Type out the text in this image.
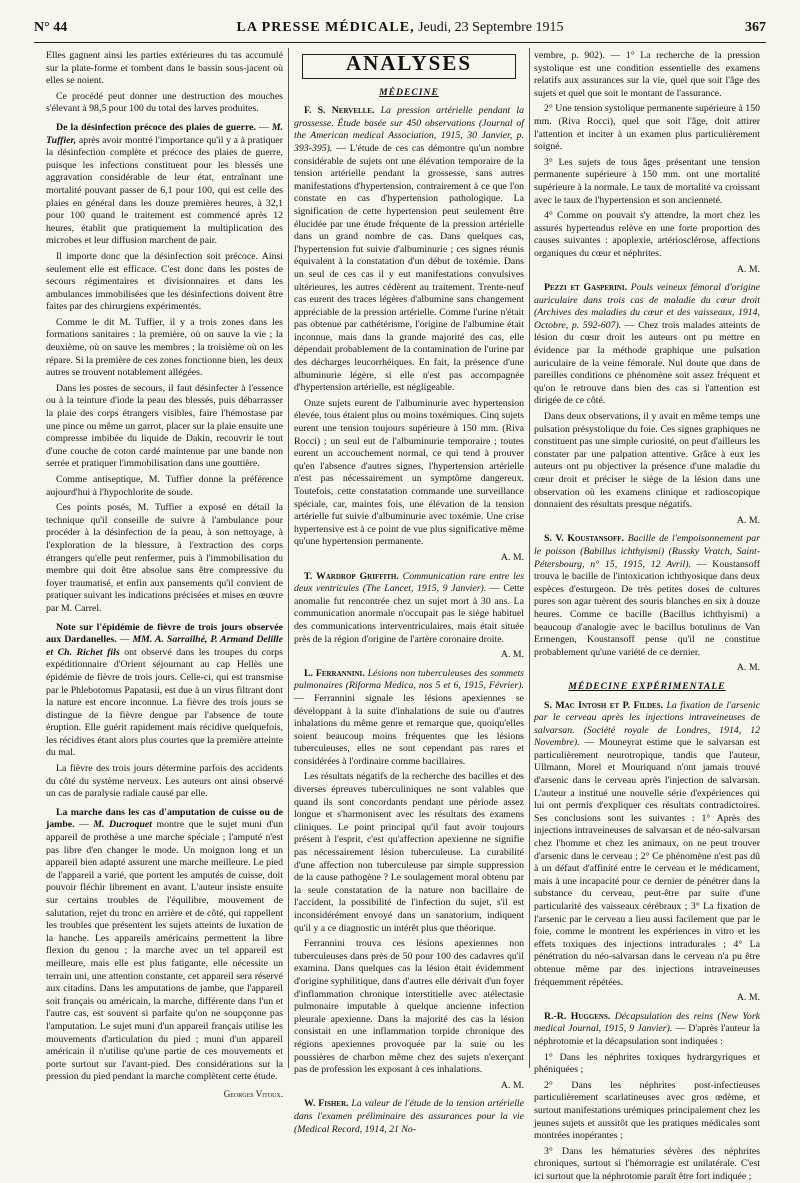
N° 44	LA PRESSE MÉDICALE, Jeudi, 23 Septembre 1915	367

Elles gagnent ainsi les parties extérieures du tas accumulé sur la plate-forme et tombent dans le bassin sous-jacent où elles se noient.

Ce procédé peut donner une destruction des mouches s'élevant à 98,5 pour 100 du total des larves produites.

De la désinfection précoce des plaies de guerre. — M. Tuffier, après avoir montré l'importance qu'il y a à pratiquer la désinfection complète et précoce des plaies de guerre, puisque les infections constituent pour les blessés une aggravation considérable de leur état, entraînant une mortalité pouvant passer de 6,1 pour 100, qui est celle des plaies en général dans les douze premières heures, à 32,1 pour 100 quand le traitement est commencé après 12 heures, établit que pratiquement la multiplication des microbes et leur diffusion marchent de pair.

Il importe donc que la désinfection soit précoce. Ainsi seulement elle est efficace. C'est donc dans les postes de secours régimentaires et divisionnaires et dans les ambulances immobilisées que les désinfections doivent être faites par des chirurgiens expérimentés.

Comme le dit M. Tuffier, il y a trois zones dans les formations sanitaires : la première, où on sauve la vie ; la deuxième, où on sauve les membres ; la troisième où on les répare. Si la première de ces zones fonctionne bien, les deux autres se trouvent notablement allégées.

Dans les postes de secours, il faut désinfecter à l'essence ou à la teinture d'iode la peau des blessés, puis débarrasser la plaie des corps étrangers visibles, faire l'hémostase par une pince ou même un garrot, placer sur la plaie ensuite une compresse imbibée du liquide de Dakin, recouvrir le tout d'une couche de coton cardé maintenue par une bande non serrée et pratiquer l'immobilisation dans une gouttière.

Comme antiseptique, M. Tuffier donne la préférence aujourd'hui à l'hypochlorite de soude.

Ces points posés, M. Tuffier a exposé en détail la technique qu'il conseille de suivre à l'ambulance pour procéder à la désinfection de la peau, à son nettoyage, à l'exploration de la blessure, à l'extraction des corps étrangers qu'elle peut renfermer, puis à l'immobilisation du membre qui doit être absolue sans être compressive du foyer traumatisé, et enfin aux pansements qu'il convient de pratiquer suivant les indications précisées et mises en œuvre par M. Carrel.

Note sur l'épidémie de fièvre de trois jours observée aux Dardanelles. — MM. A. Sarrailhé, P. Armand Delille et Ch. Richet fils ont observé dans les troupes du corps expéditionnaire d'Orient séjournant au cap Hellès une épidémie de fièvre de trois jours. Celle-ci, qui est transmise par le Phlebotomus Papatasii, est due à un virus filtrant dont la nature est encore inconnue. La fièvre des trois jours se distingue de la fièvre dengue par l'absence de toute éruption. Elle guérit rapidement mais récidive quelquefois, les récidives étant alors plus courtes que la première atteinte du mal.

La fièvre des trois jours détermine parfois des accidents du côté du système nerveux. Les auteurs ont ainsi observé un cas de paralysie radiale causé par elle.

La marche dans les cas d'amputation de cuisse ou de jambe. — M. Ducroquet montre que le sujet muni d'un appareil de prothèse a une marche spéciale ; l'amputé n'est pas libre d'en changer le mode. Un moignon long et un appareil bien adapté assurent une marche meilleure. Le pied de l'appareil a varié, que portent les amputés de cuisse, doit pouvoir fléchir librement en avant. L'auteur insiste ensuite sur certains troubles de l'équilibre, mouvement de salutation, rejet du tronc en arrière et de côté, qui rappellent les troubles que présentent les sujets atteints de luxation de la hanche. Les appareils américains permettent la libre flexion du genou ; la marche avec un tel appareil est meilleure, mais elle est plus fatigante, elle nécessite un terrain uni, une attention constante, cet appareil sera réservé aux citadins. Dans les amputations de jambe, que l'appareil soit français ou américain, la marche, différente dans l'un et l'autre cas, est souvent si parfaite qu'on ne soupçonne pas l'amputation. Le sujet muni d'un appareil français utilise les mouvements d'articulation du pied ; muni d'un appareil américain il n'utilise qu'une partie de ces mouvements et porte surtout sur l'avant-pied. Des considérations sur la pression du pied pendant la marche complètent cette étude.

Georges Vitoux.
ANALYSES
MÉDECINE

F. S. Nervelle. La pression artérielle pendant la grossesse. Étude basée sur 450 observations (Journal of the American medical Association, 1915, 30 Janvier, p. 393-395). — L'étude de ces cas démontre qu'un nombre considérable de sujets ont une élévation temporaire de la tension artérielle pendant la grossesse, sans autres manifestations d'hypertension, contrairement à ce que l'on constate en cas d'hypertension pathologique. La signification de cette hypertension peut seulement être élucidée par une étude fréquente de la pression artérielle dans un grand nombre de cas. Dans quelques cas, l'hypertension fut suivie d'albuminurie ; ces signes réunis équivalent à la constatation d'un début de toxémie. Dans un seul de ces cas il y eut manifestations convulsives ultérieures, les autres cédèrent au traitement. Trente-neuf cas eurent des traces légères d'albumine sans changement appréciable de la pression artérielle. Comme l'urine n'était pas obtenue par cathétérisme, l'origine de l'albumine était inconnue, mais dans la grande majorité des cas, elle dépendait probablement de la contamination de l'urine par des décharges leucorrhéiques. En fait, la présence d'une albuminurie légère, si elle n'est pas accompagnée d'hypertension artérielle, est négligeable.

Onze sujets eurent de l'albuminurie avec hypertension élevée, tous étaient plus ou moins toxémiques. Cinq sujets eurent une tension toujours supérieure à 150 mm. (Riva Rocci) ; un seul eut de l'albuminurie temporaire ; toutes eurent un accouchement normal, ce qui tend à prouver qu'en l'absence d'autres signes, l'hypertension artérielle n'est pas nécessairement un symptôme dangereux. Toutefois, cette constatation commande une surveillance spéciale, car, maintes fois, une élévation de la tension artérielle fut suivie d'albuminurie avec toxémie. Une crise hypertensive est à ce point de vue plus significative même qu'une hypertension permanente.

A. M.

T. Wardrop Griffith. Communication rare entre les deux ventricules (The Lancet, 1915, 9 Janvier). — Cette anomalie fut rencontrée chez un sujet mort à 30 ans. La communication anormale n'occupait pas le siège habituel des communications interventriculaires, mais était située près de la région d'origine de l'artère coronaire droite.

A. M.

L. Ferrannini. Lésions non tuberculeuses des sommets pulmonaires (Riforma Medica, nos 5 et 6, 1915, Février). — Ferrannini signale les lésions apexiennes se développant à la suite d'inhalations de suie ou d'autres inhalations du même genre et remarque que, quoiqu'elles soient beaucoup moins fréquentes que les lésions tuberculeuses, elles ne sont cependant pas rares et considérées à l'ordinaire comme bacillaires.

Les résultats négatifs de la recherche des bacilles et des diverses épreuves tuberculiniques ne sont valables que quand ils sont concordants pendant une période assez longue et s'harmonisent avec les résultats des examens cliniques. Le point principal qu'il faut avoir toujours présent à l'esprit, c'est qu'affection apexienne ne signifie pas nécessairement lésion tuberculeuse. La curabilité d'une affection non tuberculeuse par simple suppression de la cause pathogène ? Le soulagement moral obtenu par la seule constatation de la nature non bacillaire de l'accident, la possibilité de l'infection du sujet, s'il est inconsidérément envoyé dans un sanatorium, indiquent qu'il y a ce diagnostic un intérêt plus que théorique.

Ferrannini trouva ces lésions apexiennes non tuberculeuses dans près de 50 pour 100 des cadavres qu'il examina. Dans quelques cas la lésion était évidemment d'origine syphilitique, dans d'autres elle dérivait d'un foyer d'inflammation chronique interstitielle avec atélectasie pulmonaire imputable à quelque ancienne infection pleurale apexienne. Dans la majorité des cas la lésion consistait en une inflammation torpide chronique des régions apexiennes provoquée par la suie ou les poussières de charbon même chez des sujets n'exerçant pas de profession les exposant à ces inhalations.

A. M.

W. Fisher. La valeur de l'étude de la tension artérielle dans l'examen préliminaire des assurances pour la vie (Medical Record, 1914, 21 No-

vembre, p. 902). — 1° La recherche de la pression systolique est une condition essentielle des examens relatifs aux assurances sur la vie, quel que soit l'âge des sujets et quel que soit le montant de l'assurance.

2° Une tension systolique permanente supérieure à 150 mm. (Riva Rocci), quel que soit l'âge, doit attirer l'attention et inciter à un examen plus particulièrement soigné.

3° Les sujets de tous âges présentant une tension permanente supérieure à 150 mm. ont une mortalité supérieure à la normale. Le taux de mortalité va croissant avec le taux de l'hypertension et son ancienneté.

4° Comme on pouvait s'y attendre, la mort chez les assurés hypertendus relève en une forte proportion des causes suivantes : apoplexie, artériosclérose, affections organiques du cœur et néphrites.

A. M.

Pezzi et Gasperini. Pouls veineux fémoral d'origine auriculaire dans trois cas de maladie du cœur droit (Archives des maladies du cœur et des vaisseaux, 1914, Octobre, p. 592-607). — Chez trois malades atteints de lésion du cœur droit les auteurs ont pu mettre en évidence par la méthode graphique une pulsation auriculaire de la veine fémorale. Nul doute que dans de pareilles conditions ce phénomène soit assez fréquent et qu'on le retrouve dans bien des cas si l'attention est dirigée de ce côté.

Dans deux observations, il y avait en même temps une pulsation présystolique du foie. Ces signes graphiques ne constituent pas une simple curiosité, on peut d'ailleurs les constater par une palpation attentive. Grâce à eux les auteurs ont pu objectiver la présence d'une maladie du cœur droit et préciser le siège de la lésion dans une observation où les examens clinique et radioscopique donnaient des résultats presque négatifs.

A. M.

S. V. Koustansoff. Bacille de l'empoisonnement par le poisson (Babillus ichthyismi) (Russky Vratch, Saint-Pétersbourg, n° 15, 1915, 12 Avril). — Koustansoff trouva le bacille de l'intoxication ichthyosique dans deux espèces d'esturgeon. De très petites doses de cultures pures son agar tuèrent des souris blanches en six à douze heures. Comme ce bacille (Bacillus ichthyismi) a beaucoup d'analogie avec le bacillus botulinus de Van Ermengen, Koustansoff pense qu'il ne constitue probablement qu'une variété de ce dernier.

A. M.
MÉDECINE EXPÉRIMENTALE

S. Mac Intosh et P. Fildes. La fixation de l'arsenic par le cerveau après les injections intraveineuses de salvarsan. (Société royale de Londres, 1914, 12 Novembre). — Mouneyrat estime que le salvarsan est particulièrement neurotropique, tandis que l'auteur, Ullmann, Morel et Mouriquand n'ont jamais trouvé d'arsenic dans le cerveau après l'injection de salvarsan. L'auteur a institué une nouvelle série d'expériences qui lui ont permis d'expliquer ces résultats contradictoires. Ses conclusions sont les suivantes : 1° Après des injections intraveineuses de salvarsan et de néo-salvarsan chez l'homme et chez les animaux, on ne peut trouver d'arsenic dans le cerveau ; 2° Ce phénomène n'est pas dû à un défaut d'affinité entre le cerveau et le médicament, mais à une incapacité pour ce dernier de pénétrer dans la substance du cerveau, peut-être par suite d'une particularité des vaisseaux cérébraux ; 3° La fixation de l'arsenic par le cerveau a lieu aussi facilement que par le foie, comme le montrent les expériences in vitro et les effets toxiques des injections intradurales ; 4° La pénétration du néo-salvarsan dans le cerveau n'a pu être obtenue même par des injections intraveineuses fréquemment répétées.

A. M.

R.-R. Huggens. Décapsulation des reins (New York medical Journal, 1915, 9 Janvier). — D'après l'auteur la néphrotomie et la décapsulation sont indiquées :

1° Dans les néphrites toxiques hydrargyriques et phéniquées ;

2° Dans les néphrites post-infectieuses particulièrement scarlatineuses avec gros œdème, et surtout manifestations urémiques principalement chez les jeunes sujets et aussitôt que les pratiques médicales sont montrées inopérantes ;

3° Dans les hématuries sévères des néphrites chroniques, surtout si l'hémorragie est unilatérale. C'est ici surtout que la néphrotomie paraît être fort indiquée ;
